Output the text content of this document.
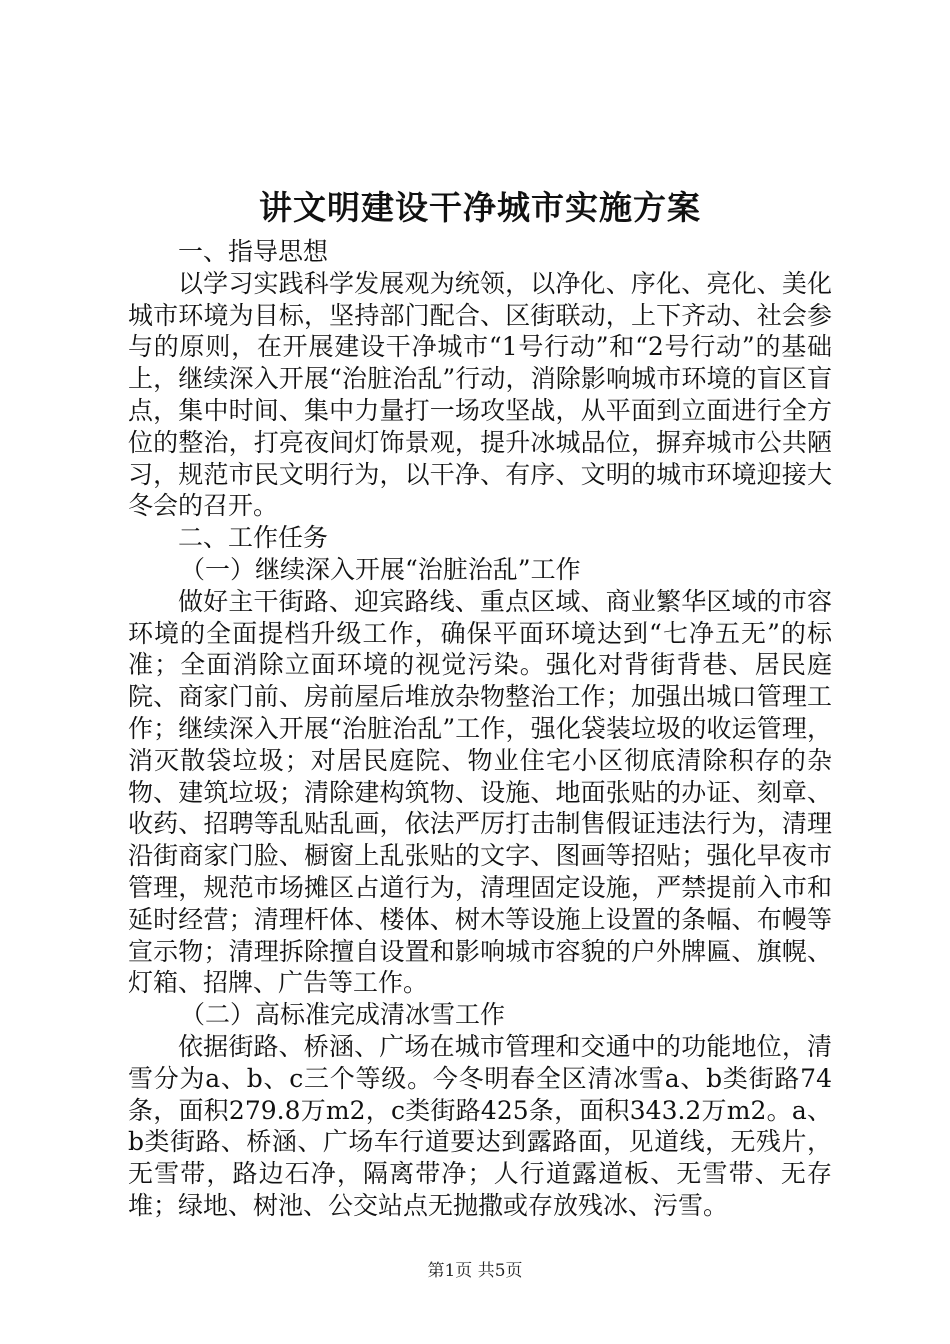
讲文明建设干净城市实施方案

一、指导思想

以学习实践科学发展观为统领，以净化、序化、亮化、美化城市环境为目标，坚持部门配合、区街联动，上下齐动、社会参与的原则，在开展建设干净城市“1号行动”和“2号行动”的基础上，继续深入开展“治脏治乱”行动，消除影响城市环境的盲区盲点，集中时间、集中力量打一场攻坚战，从平面到立面进行全方位的整治，打亮夜间灯饰景观，提升冰城品位，摒弃城市公共陋习，规范市民文明行为，以干净、有序、文明的城市环境迎接大冬会的召开。

二、工作任务

（一）继续深入开展“治脏治乱”工作

做好主干街路、迎宾路线、重点区域、商业繁华区域的市容环境的全面提档升级工作，确保平面环境达到“七净五无”的标准；全面消除立面环境的视觉污染。强化对背街背巷、居民庭院、商家门前、房前屋后堆放杂物整治工作；加强出城口管理工作；继续深入开展“治脏治乱”工作，强化袋装垃圾的收运管理，消灭散袋垃圾；对居民庭院、物业住宅小区彻底清除积存的杂物、建筑垃圾；清除建构筑物、设施、地面张贴的办证、刻章、收药、招聘等乱贴乱画，依法严厉打击制售假证违法行为，清理沿街商家门脸、橱窗上乱张贴的文字、图画等招贴；强化早夜市管理，规范市场摊区占道行为，清理固定设施，严禁提前入市和延时经营；清理杆体、楼体、树木等设施上设置的条幅、布幔等宣示物；清理拆除擅自设置和影响城市容貌的户外牌匾、旗幌、灯箱、招牌、广告等工作。

（二）高标准完成清冰雪工作

依据街路、桥涵、广场在城市管理和交通中的功能地位，清雪分为a、b、c三个等级。今冬明春全区清冰雪a、b类街路74条，面积279.8万m2，c类街路425条，面积343.2万m2。a、b类街路、桥涵、广场车行道要达到露路面，见道线，无残片，无雪带，路边石净，隔离带净；人行道露道板、无雪带、无存堆；绿地、树池、公交站点无抛撒或存放残冰、污雪。

第1页 共5页
